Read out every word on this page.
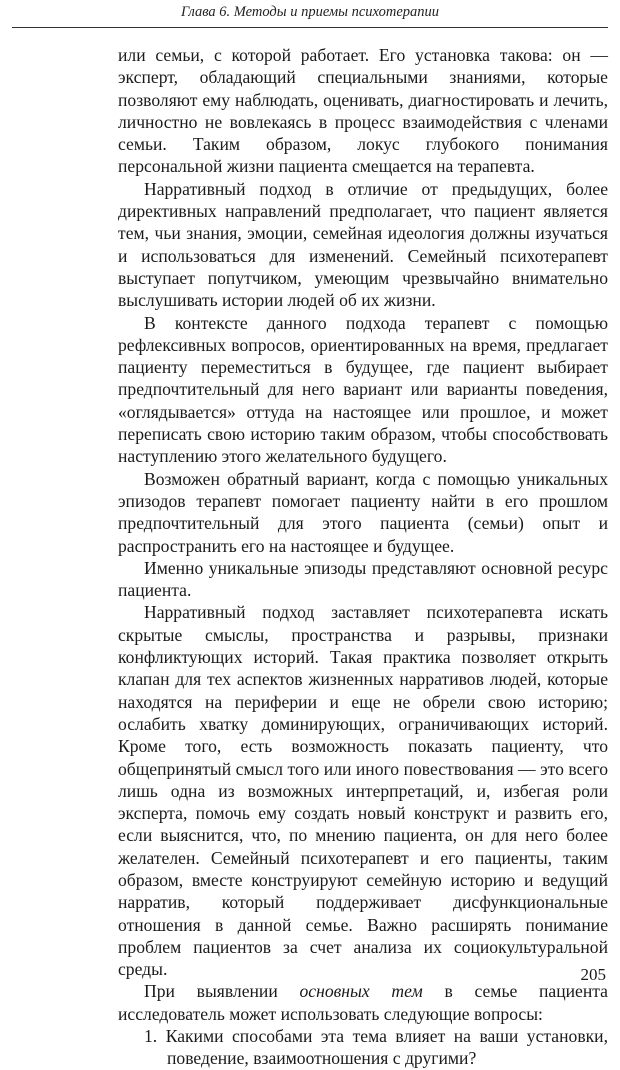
Глава 6. Методы и приемы психотерапии

или семьи, с которой работает. Его установка такова: он — эксперт, обладающий специальными знаниями, которые позволяют ему наблюдать, оценивать, диагностировать и лечить, личностно не вовлекаясь в процесс взаимодействия с членами семьи. Таким образом, локус глубокого понимания персональной жизни пациента смещается на терапевта.

Нарративный подход в отличие от предыдущих, более директивных направлений предполагает, что пациент является тем, чьи знания, эмоции, семейная идеология должны изучаться и использоваться для изменений. Семейный психотерапевт выступает попутчиком, умеющим чрезвычайно внимательно выслушивать истории людей об их жизни.

В контексте данного подхода терапевт с помощью рефлексивных вопросов, ориентированных на время, предлагает пациенту переместиться в будущее, где пациент выбирает предпочтительный для него вариант или варианты поведения, «оглядывается» оттуда на настоящее или прошлое, и может переписать свою историю таким образом, чтобы способствовать наступлению этого желательного будущего.

Возможен обратный вариант, когда с помощью уникальных эпизодов терапевт помогает пациенту найти в его прошлом предпочтительный для этого пациента (семьи) опыт и распространить его на настоящее и будущее.

Именно уникальные эпизоды представляют основной ресурс пациента.

Нарративный подход заставляет психотерапевта искать скрытые смыслы, пространства и разрывы, признаки конфликтующих историй. Такая практика позволяет открыть клапан для тех аспектов жизненных нарративов людей, которые находятся на периферии и еще не обрели свою историю; ослабить хватку доминирующих, ограничивающих историй. Кроме того, есть возможность показать пациенту, что общепринятый смысл того или иного повествования — это всего лишь одна из возможных интерпретаций, и, избегая роли эксперта, помочь ему создать новый конструкт и развить его, если выяснится, что, по мнению пациента, он для него более желателен. Семейный психотерапевт и его пациенты, таким образом, вместе конструируют семейную историю и ведущий нарратив, который поддерживает дисфункциональные отношения в данной семье. Важно расширять понимание проблем пациентов за счет анализа их социокультуральной среды.

При выявлении основных тем в семье пациента исследователь может использовать следующие вопросы:

1. Какими способами эта тема влияет на ваши установки, поведение, взаимоотношения с другими?
205
